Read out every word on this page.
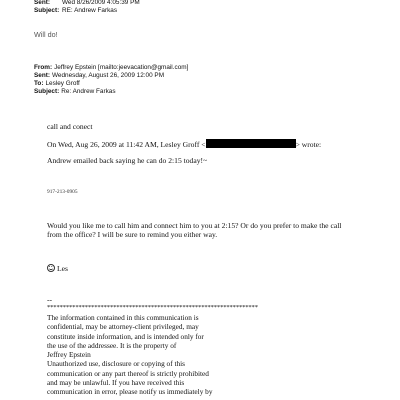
Sent: Wed 8/26/2009 4:05:39 PM
Subject: RE: Andrew Farkas
Will do!
From: Jeffrey Epstein [mailto:jeevacation@gmail.com]
Sent: Wednesday, August 26, 2009 12:00 PM
To: Lesley Groff
Subject: Re: Andrew Farkas
call and conect
On Wed, Aug 26, 2009 at 11:42 AM, Lesley Groff <	> wrote:
Andrew emailed back saying he can do 2:15 today!~
917-213-0905
Would you like me to call him and connect him to you at 2:15? Or do you prefer to make the call
from the office? I will be sure to remind you either way.
Les
--
*******************************************************************
The information contained in this communication is
confidential, may be attorney-client privileged, may
constitute inside information, and is intended only for
the use of the addressee. It is the property of
Jeffrey Epstein
Unauthorized use, disclosure or copying of this
communication or any part thereof is strictly prohibited
and may be unlawful. If you have received this
communication in error, please notify us immediately by
